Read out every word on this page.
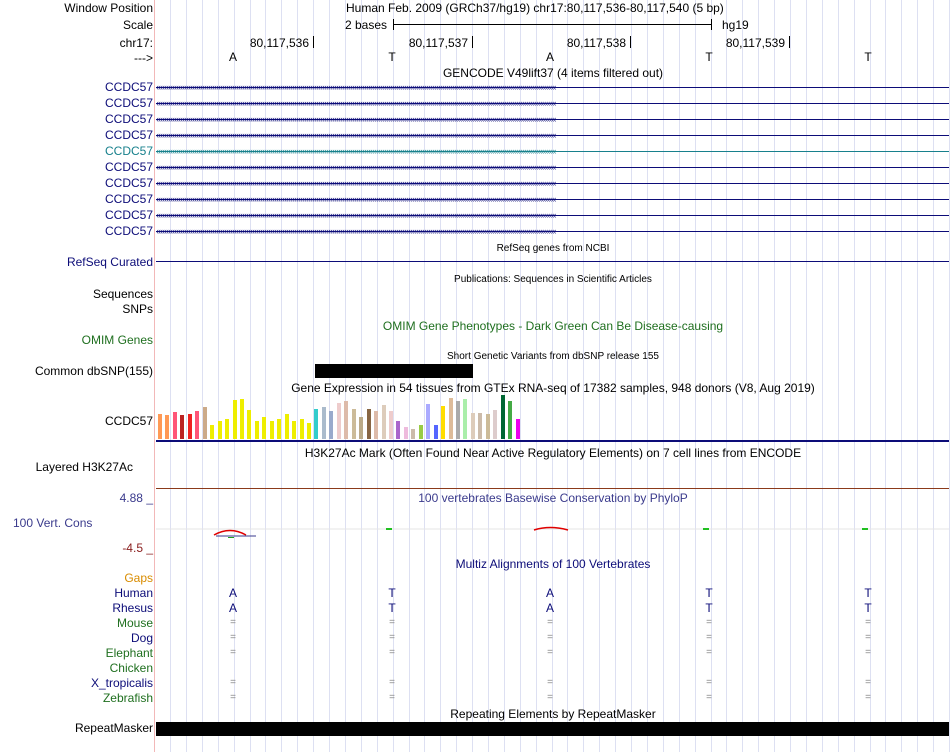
Window Position	Human Feb. 2009 (GRCh37/hg19) chr17:80,117,536-80,117,540 (5 bp)
Scale	2 bases	hg19
chr17:	80,117,536	80,117,537	80,117,538	80,117,539
--->	A	T	A	T	T
GENCODE V49lift37 (4 items filtered out)
CCDC57 ‹‹‹‹‹‹‹‹‹‹‹‹‹‹‹‹‹‹‹‹‹‹‹‹‹‹‹‹‹‹‹‹‹‹‹‹‹‹‹‹‹‹‹‹‹‹‹‹‹‹‹‹‹‹‹‹‹‹‹‹‹‹‹‹‹‹‹‹‹‹‹‹‹‹‹‹‹‹‹‹‹‹‹‹‹‹‹‹‹‹‹‹‹‹‹‹‹‹‹‹‹‹‹‹‹‹‹‹‹‹‹‹‹‹‹‹‹‹‹‹‹‹‹‹‹‹‹‹‹‹‹‹‹‹‹‹‹‹‹‹‹‹‹‹‹‹‹‹‹‹‹‹‹‹‹‹‹‹‹‹‹‹‹‹‹‹‹‹‹‹‹‹‹‹‹‹‹‹‹‹‹‹‹‹‹‹‹‹‹‹‹‹‹‹‹‹‹‹‹‹
CCDC57 ‹‹‹‹‹‹‹‹‹‹‹‹‹‹‹‹‹‹‹‹‹‹‹‹‹‹‹‹‹‹‹‹‹‹‹‹‹‹‹‹‹‹‹‹‹‹‹‹‹‹‹‹‹‹‹‹‹‹‹‹‹‹‹‹‹‹‹‹‹‹‹‹‹‹‹‹‹‹‹‹‹‹‹‹‹‹‹‹‹‹‹‹‹‹‹‹‹‹‹‹‹‹‹‹‹‹‹‹‹‹‹‹‹‹‹‹‹‹‹‹‹‹‹‹‹‹‹‹‹‹‹‹‹‹‹‹‹‹‹‹‹‹‹‹‹‹‹‹‹‹‹‹‹‹‹‹‹‹‹‹‹‹‹‹‹‹‹‹‹‹‹‹‹‹‹‹‹‹‹‹‹‹‹‹‹‹‹‹‹‹‹‹‹‹‹‹‹‹‹‹
CCDC57 ‹‹‹‹‹‹‹‹‹‹‹‹‹‹‹‹‹‹‹‹‹‹‹‹‹‹‹‹‹‹‹‹‹‹‹‹‹‹‹‹‹‹‹‹‹‹‹‹‹‹‹‹‹‹‹‹‹‹‹‹‹‹‹‹‹‹‹‹‹‹‹‹‹‹‹‹‹‹‹‹‹‹‹‹‹‹‹‹‹‹‹‹‹‹‹‹‹‹‹‹‹‹‹‹‹‹‹‹‹‹‹‹‹‹‹‹‹‹‹‹‹‹‹‹‹‹‹‹‹‹‹‹‹‹‹‹‹‹‹‹‹‹‹‹‹‹‹‹‹‹‹‹‹‹‹‹‹‹‹‹‹‹‹‹‹‹‹‹‹‹‹‹‹‹‹‹‹‹‹‹‹‹‹‹‹‹‹‹‹‹‹‹‹‹‹‹‹‹‹‹
CCDC57 ‹‹‹‹‹‹‹‹‹‹‹‹‹‹‹‹‹‹‹‹‹‹‹‹‹‹‹‹‹‹‹‹‹‹‹‹‹‹‹‹‹‹‹‹‹‹‹‹‹‹‹‹‹‹‹‹‹‹‹‹‹‹‹‹‹‹‹‹‹‹‹‹‹‹‹‹‹‹‹‹‹‹‹‹‹‹‹‹‹‹‹‹‹‹‹‹‹‹‹‹‹‹‹‹‹‹‹‹‹‹‹‹‹‹‹‹‹‹‹‹‹‹‹‹‹‹‹‹‹‹‹‹‹‹‹‹‹‹‹‹‹‹‹‹‹‹‹‹‹‹‹‹‹‹‹‹‹‹‹‹‹‹‹‹‹‹‹‹‹‹‹‹‹‹‹‹‹‹‹‹‹‹‹‹‹‹‹‹‹‹‹‹‹‹‹‹‹‹‹‹
CCDC57 ‹‹‹‹‹‹‹‹‹‹‹‹‹‹‹‹‹‹‹‹‹‹‹‹‹‹‹‹‹‹‹‹‹‹‹‹‹‹‹‹‹‹‹‹‹‹‹‹‹‹‹‹‹‹‹‹‹‹‹‹‹‹‹‹‹‹‹‹‹‹‹‹‹‹‹‹‹‹‹‹‹‹‹‹‹‹‹‹‹‹‹‹‹‹‹‹‹‹‹‹‹‹‹‹‹‹‹‹‹‹‹‹‹‹‹‹‹‹‹‹‹‹‹‹‹‹‹‹‹‹‹‹‹‹‹‹‹‹‹‹‹‹‹‹‹‹‹‹‹‹‹‹‹‹‹‹‹‹‹‹‹‹‹‹‹‹‹‹‹‹‹‹‹‹‹‹‹‹‹‹‹‹‹‹‹‹‹‹‹‹‹‹‹‹‹‹‹‹‹‹
CCDC57 ‹‹‹‹‹‹‹‹‹‹‹‹‹‹‹‹‹‹‹‹‹‹‹‹‹‹‹‹‹‹‹‹‹‹‹‹‹‹‹‹‹‹‹‹‹‹‹‹‹‹‹‹‹‹‹‹‹‹‹‹‹‹‹‹‹‹‹‹‹‹‹‹‹‹‹‹‹‹‹‹‹‹‹‹‹‹‹‹‹‹‹‹‹‹‹‹‹‹‹‹‹‹‹‹‹‹‹‹‹‹‹‹‹‹‹‹‹‹‹‹‹‹‹‹‹‹‹‹‹‹‹‹‹‹‹‹‹‹‹‹‹‹‹‹‹‹‹‹‹‹‹‹‹‹‹‹‹‹‹‹‹‹‹‹‹‹‹‹‹‹‹‹‹‹‹‹‹‹‹‹‹‹‹‹‹‹‹‹‹‹‹‹‹‹‹‹‹‹‹‹
CCDC57 ‹‹‹‹‹‹‹‹‹‹‹‹‹‹‹‹‹‹‹‹‹‹‹‹‹‹‹‹‹‹‹‹‹‹‹‹‹‹‹‹‹‹‹‹‹‹‹‹‹‹‹‹‹‹‹‹‹‹‹‹‹‹‹‹‹‹‹‹‹‹‹‹‹‹‹‹‹‹‹‹‹‹‹‹‹‹‹‹‹‹‹‹‹‹‹‹‹‹‹‹‹‹‹‹‹‹‹‹‹‹‹‹‹‹‹‹‹‹‹‹‹‹‹‹‹‹‹‹‹‹‹‹‹‹‹‹‹‹‹‹‹‹‹‹‹‹‹‹‹‹‹‹‹‹‹‹‹‹‹‹‹‹‹‹‹‹‹‹‹‹‹‹‹‹‹‹‹‹‹‹‹‹‹‹‹‹‹‹‹‹‹‹‹‹‹‹‹‹‹‹
CCDC57 ‹‹‹‹‹‹‹‹‹‹‹‹‹‹‹‹‹‹‹‹‹‹‹‹‹‹‹‹‹‹‹‹‹‹‹‹‹‹‹‹‹‹‹‹‹‹‹‹‹‹‹‹‹‹‹‹‹‹‹‹‹‹‹‹‹‹‹‹‹‹‹‹‹‹‹‹‹‹‹‹‹‹‹‹‹‹‹‹‹‹‹‹‹‹‹‹‹‹‹‹‹‹‹‹‹‹‹‹‹‹‹‹‹‹‹‹‹‹‹‹‹‹‹‹‹‹‹‹‹‹‹‹‹‹‹‹‹‹‹‹‹‹‹‹‹‹‹‹‹‹‹‹‹‹‹‹‹‹‹‹‹‹‹‹‹‹‹‹‹‹‹‹‹‹‹‹‹‹‹‹‹‹‹‹‹‹‹‹‹‹‹‹‹‹‹‹‹‹‹‹
CCDC57 ‹‹‹‹‹‹‹‹‹‹‹‹‹‹‹‹‹‹‹‹‹‹‹‹‹‹‹‹‹‹‹‹‹‹‹‹‹‹‹‹‹‹‹‹‹‹‹‹‹‹‹‹‹‹‹‹‹‹‹‹‹‹‹‹‹‹‹‹‹‹‹‹‹‹‹‹‹‹‹‹‹‹‹‹‹‹‹‹‹‹‹‹‹‹‹‹‹‹‹‹‹‹‹‹‹‹‹‹‹‹‹‹‹‹‹‹‹‹‹‹‹‹‹‹‹‹‹‹‹‹‹‹‹‹‹‹‹‹‹‹‹‹‹‹‹‹‹‹‹‹‹‹‹‹‹‹‹‹‹‹‹‹‹‹‹‹‹‹‹‹‹‹‹‹‹‹‹‹‹‹‹‹‹‹‹‹‹‹‹‹‹‹‹‹‹‹‹‹‹‹
CCDC57 ‹‹‹‹‹‹‹‹‹‹‹‹‹‹‹‹‹‹‹‹‹‹‹‹‹‹‹‹‹‹‹‹‹‹‹‹‹‹‹‹‹‹‹‹‹‹‹‹‹‹‹‹‹‹‹‹‹‹‹‹‹‹‹‹‹‹‹‹‹‹‹‹‹‹‹‹‹‹‹‹‹‹‹‹‹‹‹‹‹‹‹‹‹‹‹‹‹‹‹‹‹‹‹‹‹‹‹‹‹‹‹‹‹‹‹‹‹‹‹‹‹‹‹‹‹‹‹‹‹‹‹‹‹‹‹‹‹‹‹‹‹‹‹‹‹‹‹‹‹‹‹‹‹‹‹‹‹‹‹‹‹‹‹‹‹‹‹‹‹‹‹‹‹‹‹‹‹‹‹‹‹‹‹‹‹‹‹‹‹‹‹‹‹‹‹‹‹‹‹‹
RefSeq genes from NCBI
RefSeq Curated
Publications: Sequences in Scientific Articles
Sequences
SNPs
OMIM Gene Phenotypes - Dark Green Can Be Disease-causing
OMIM Genes
Short Genetic Variants from dbSNP release 155
Common dbSNP(155)
Gene Expression in 54 tissues from GTEx RNA-seq of 17382 samples, 948 donors (V8, Aug 2019)
CCDC57
H3K27Ac Mark (Often Found Near Active Regulatory Elements) on 7 cell lines from ENCODE
Layered H3K27Ac
4.88 _	100 vertebrates Basewise Conservation by PhyloP
100 Vert. Cons
-4.5 _
Multiz Alignments of 100 Vertebrates
Gaps
Human	A	T	A	T	T
Rhesus	A	T	A	T	T
Mouse	=	=	=	=	=
Dog	=	=	=	=	=
Elephant	=	=	=	=	=
Chicken
X_tropicalis	=	=	=	=	=
Zebrafish	=	=	=	=	=
Repeating Elements by RepeatMasker
RepeatMasker
